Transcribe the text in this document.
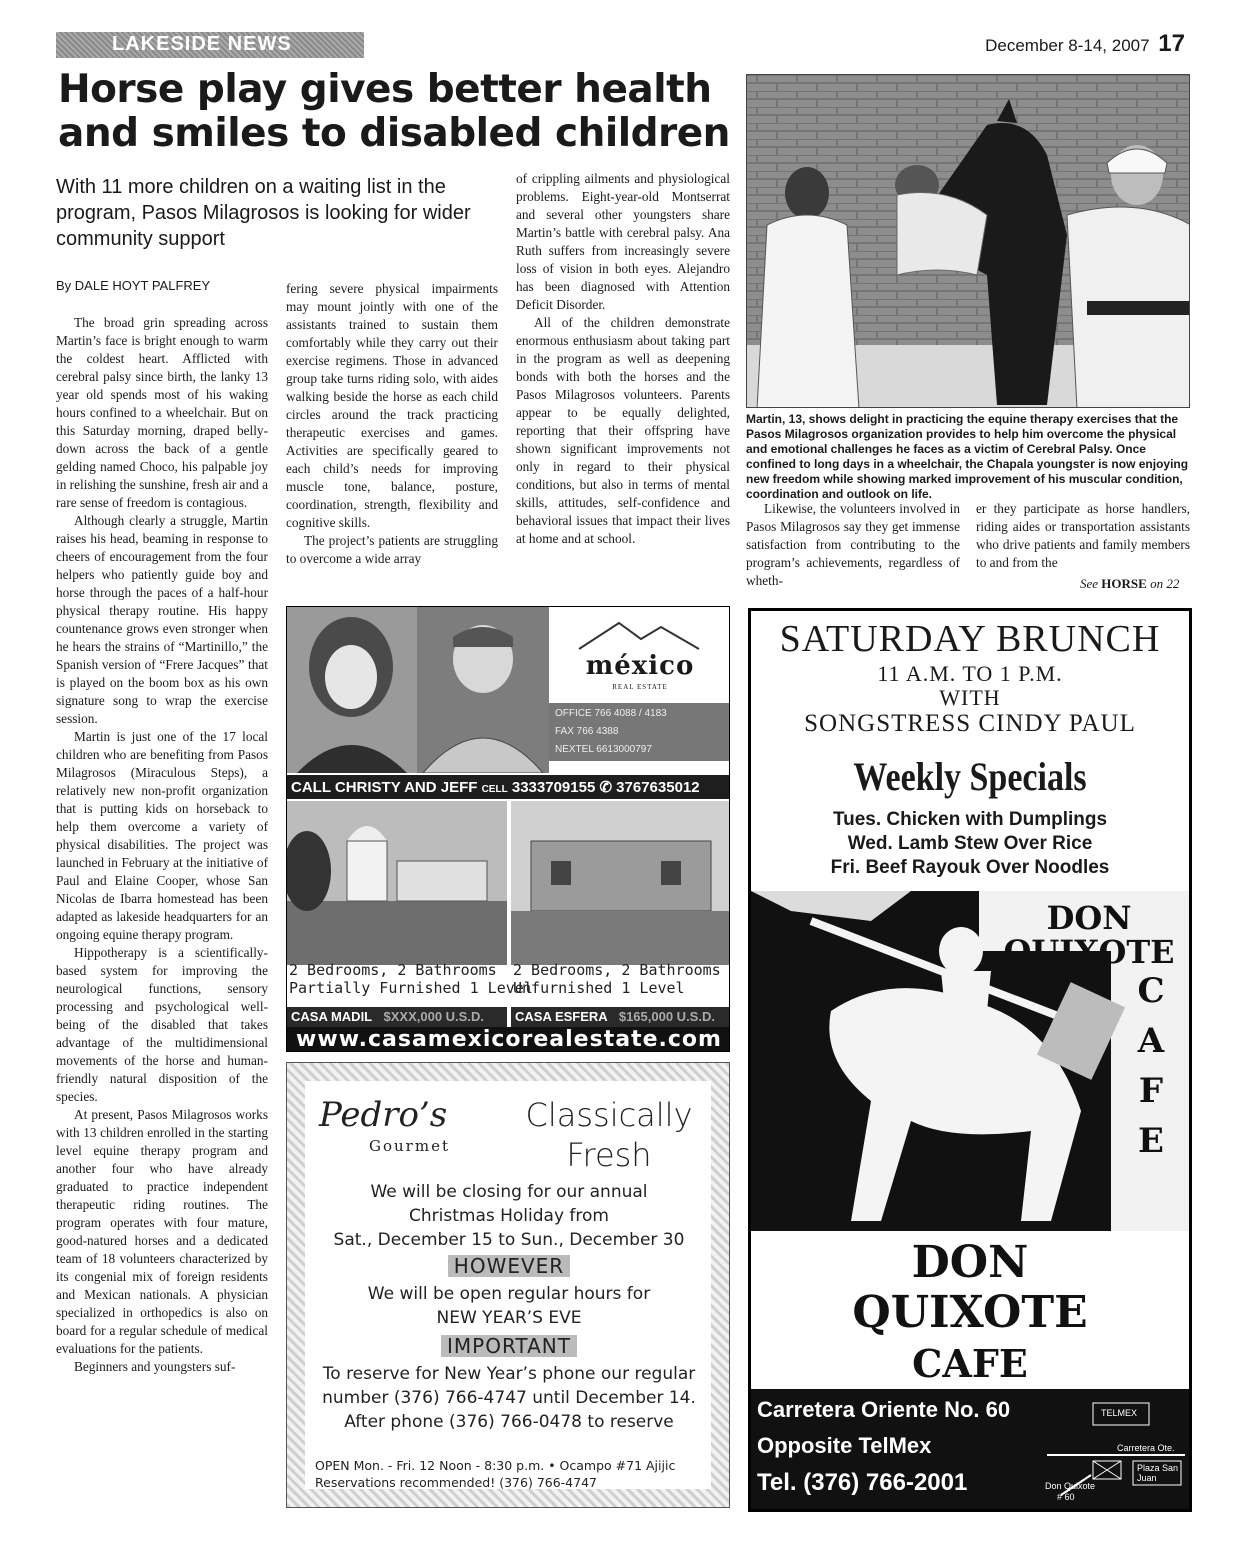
LAKESIDE NEWS	December 8-14, 2007 17
Horse play gives better health
and smiles to disabled children
With 11 more children on a waiting list in the program, Pasos Milagrosos is looking for wider community support
By DALE HOYT PALFREY

The broad grin spreading across Martin’s face is bright enough to warm the coldest heart. Afflicted with cerebral palsy since birth, the lanky 13 year old spends most of his waking hours confined to a wheelchair. But on this Saturday morning, draped belly-down across the back of a gentle gelding named Choco, his palpable joy in relishing the sunshine, fresh air and a rare sense of freedom is contagious.

Although clearly a struggle, Martin raises his head, beaming in response to cheers of encouragement from the four helpers who patiently guide boy and horse through the paces of a half-hour physical therapy routine. His happy countenance grows even stronger when he hears the strains of “Martinillo,” the Spanish version of “Frere Jacques” that is played on the boom box as his own signature song to wrap the exercise session.

Martin is just one of the 17 local children who are benefiting from Pasos Milagrosos (Miraculous Steps), a relatively new non-profit organization that is putting kids on horseback to help them overcome a variety of physical disabilities. The project was launched in February at the initiative of Paul and Elaine Cooper, whose San Nicolas de Ibarra homestead has been adapted as lakeside headquarters for an ongoing equine therapy program.

Hippotherapy is a scientifically-based system for improving the neurological functions, sensory processing and psychological well-being of the disabled that takes advantage of the multidimensional movements of the horse and human-friendly natural disposition of the species.

At present, Pasos Milagrosos works with 13 children enrolled in the starting level equine therapy program and another four who have already graduated to practice independent therapeutic riding routines. The program operates with four mature, good-natured horses and a dedicated team of 18 volunteers characterized by its congenial mix of foreign residents and Mexican nationals. A physician specialized in orthopedics is also on board for a regular schedule of medical evaluations for the patients.

Beginners and youngsters suf-

fering severe physical impairments may mount jointly with one of the assistants trained to sustain them comfortably while they carry out their exercise regimens. Those in advanced group take turns riding solo, with aides walking beside the horse as each child circles around the track practicing therapeutic exercises and games. Activities are specifically geared to each child’s needs for improving muscle tone, balance, posture, coordination, strength, flexibility and cognitive skills.

The project’s patients are struggling to overcome a wide array

of crippling ailments and physiological problems. Eight-year-old Montserrat and several other youngsters share Martin’s battle with cerebral palsy. Ana Ruth suffers from increasingly severe loss of vision in both eyes. Alejandro has been diagnosed with Attention Deficit Disorder.

All of the children demonstrate enormous enthusiasm about taking part in the program as well as deepening bonds with both the horses and the Pasos Milagrosos volunteers. Parents appear to be equally delighted, reporting that their offspring have shown significant improvements not only in regard to their physical conditions, but also in terms of mental skills, attitudes, self-confidence and behavioral issues that impact their lives at home and at school.

Martin, 13, shows delight in practicing the equine therapy exercises that the Pasos Milagrosos organization provides to help him overcome the physical and emotional challenges he faces as a victim of Cerebral Palsy. Once confined to long days in a wheelchair, the Chapala youngster is now enjoying new freedom while showing marked improvement of his muscular condition, coordination and outlook on life.

Likewise, the volunteers involved in Pasos Milagrosos say they get immense satisfaction from contributing to the program’s achievements, regardless of wheth-

er they participate as horse handlers, riding aides or transportation assistants who drive patients and family members to and from the

See HORSE on 22
méxico
REAL ESTATE
OFFICE 766 4088 / 4183
FAX 766 4388
NEXTEL 6613000797
CALL CHRISTY AND JEFF CELL 3333709155 ✆ 3767635012
2 Bedrooms, 2 Bathrooms
Partially Furnished 1 Level
2 Bedrooms, 2 Bathrooms
Unfurnished 1 Level
CASA MADIL $XXX,000 U.S.D.	CASA ESFERA $165,000 U.S.D.
www.casamexicorealestate.com
Pedro’s
Gourmet
Classically
Fresh
We will be closing for our annual
Christmas Holiday from
Sat., December 15 to Sun., December 30
HOWEVER
We will be open regular hours for
NEW YEAR’S EVE
IMPORTANT
To reserve for New Year’s phone our regular
number (376) 766-4747 until December 14.
After phone (376) 766-0478 to reserve
OPEN Mon. - Fri. 12 Noon - 8:30 p.m. • Ocampo #71 Ajijic
Reservations recommended! (376) 766-4747
SATURDAY BRUNCH
11 A.M. TO 1 P.M.
WITH
SONGSTRESS CINDY PAUL
Weekly Specials
Tues. Chicken with Dumplings
Wed. Lamb Stew Over Rice
Fri. Beef Rayouk Over Noodles
DON
QUIXOTE
C
A
F
E
DON
QUIXOTE
CAFE
Carretera Oriente No. 60
Opposite TelMex
Tel. (376) 766-2001
TELMEX
Carretera Ote.
Plaza San Juan
Don Quixote
# 60
